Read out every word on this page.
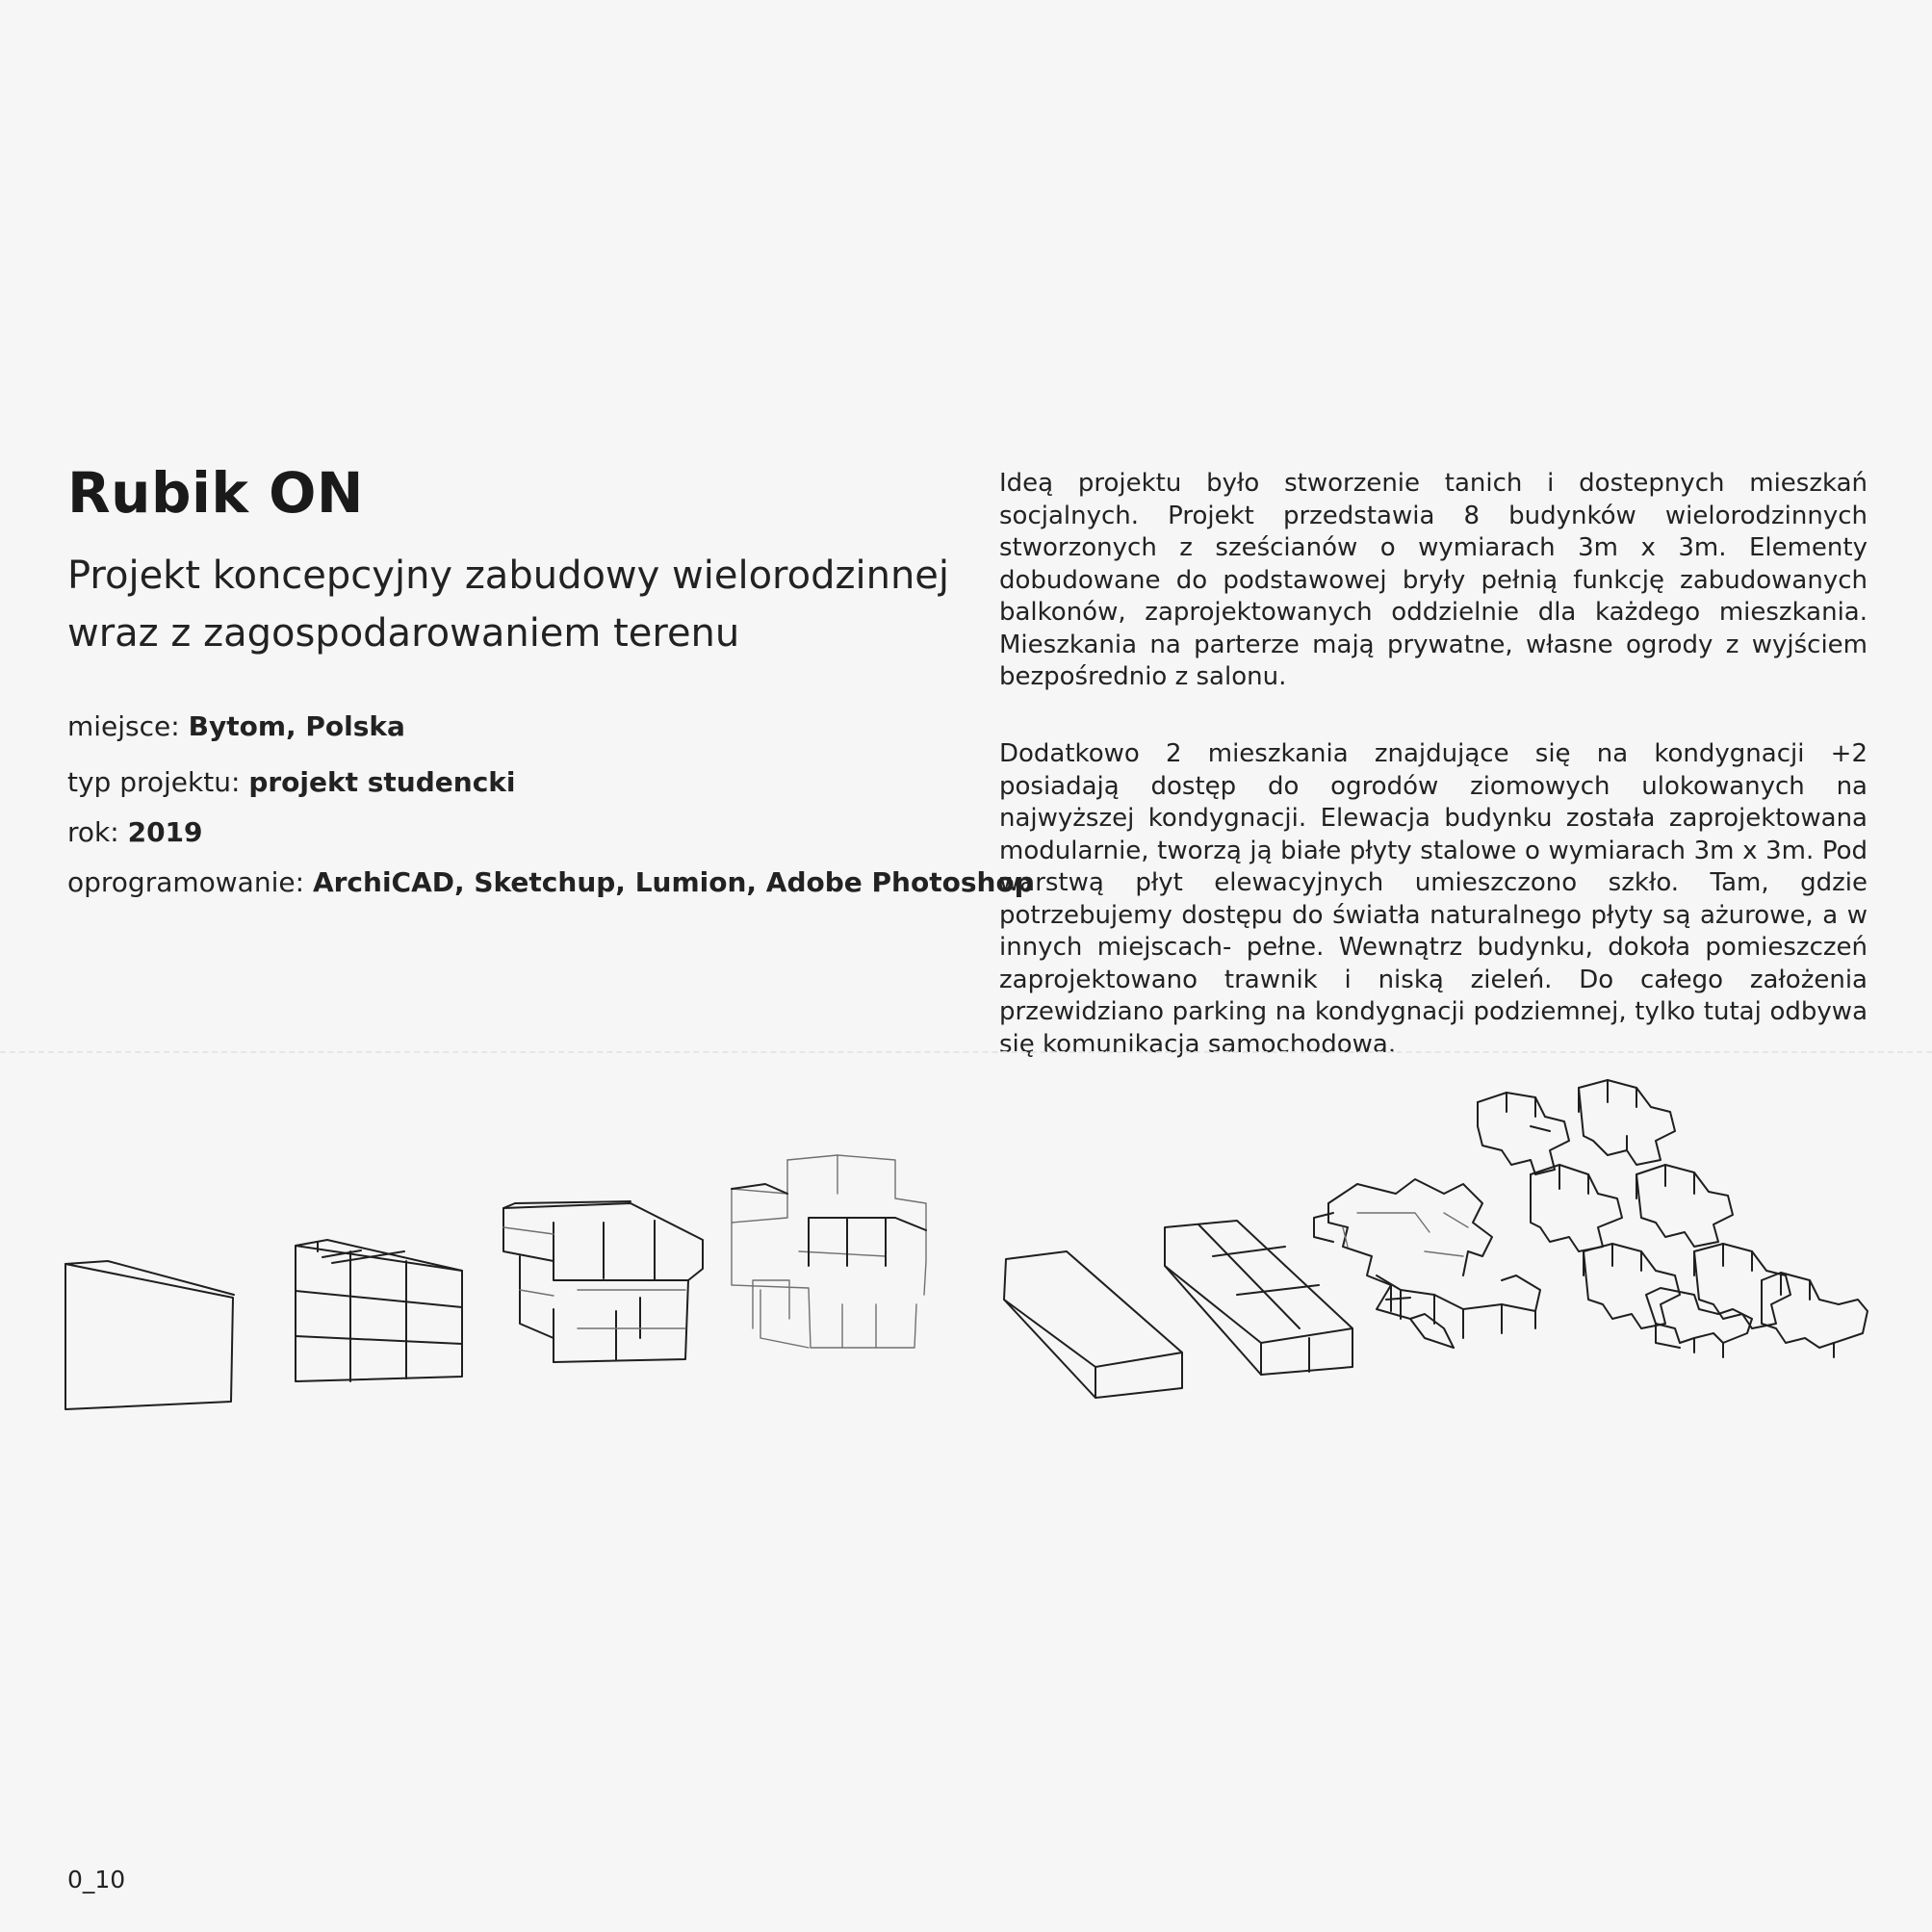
Rubik ON
Projekt koncepcyjny zabudowy wielorodzinnej wraz z zagospodarowaniem terenu
miejsce: Bytom, Polska
typ projektu: projekt studencki
rok: 2019
oprogramowanie: ArchiCAD, Sketchup, Lumion, Adobe Photoshop

Ideą projektu było stworzenie tanich i dostepnych mieszkań socjalnych. Projekt przedstawia 8 budynków wielorodzinnych stworzonych z sześcianów o wymiarach 3m x 3m. Elementy dobudowane do podstawowej bryły pełnią funkcję zabudowanych balkonów, zaprojektowanych oddzielnie dla każdego mieszkania. Mieszkania na parterze mają prywatne, własne ogrody z wyjściem bezpośrednio z salonu.

Dodatkowo 2 mieszkania znajdujące się na kondygnacji +2 posiadają dostęp do ogrodów ziomowych ulokowanych na najwyższej kondygnacji. Elewacja budynku została zaprojektowana modularnie, tworzą ją białe płyty stalowe o wymiarach 3m x 3m. Pod warstwą płyt elewacyjnych umieszczono szkło. Tam, gdzie potrzebujemy dostępu do światła naturalnego płyty są ażurowe, a w innych miejscach- pełne. Wewnątrz budynku, dokoła pomieszczeń zaprojektowano trawnik i niską zieleń. Do całego założenia przewidziano parking na kondygnacji podziemnej, tylko tutaj odbywa się komunikacja samochodowa.

0_10
